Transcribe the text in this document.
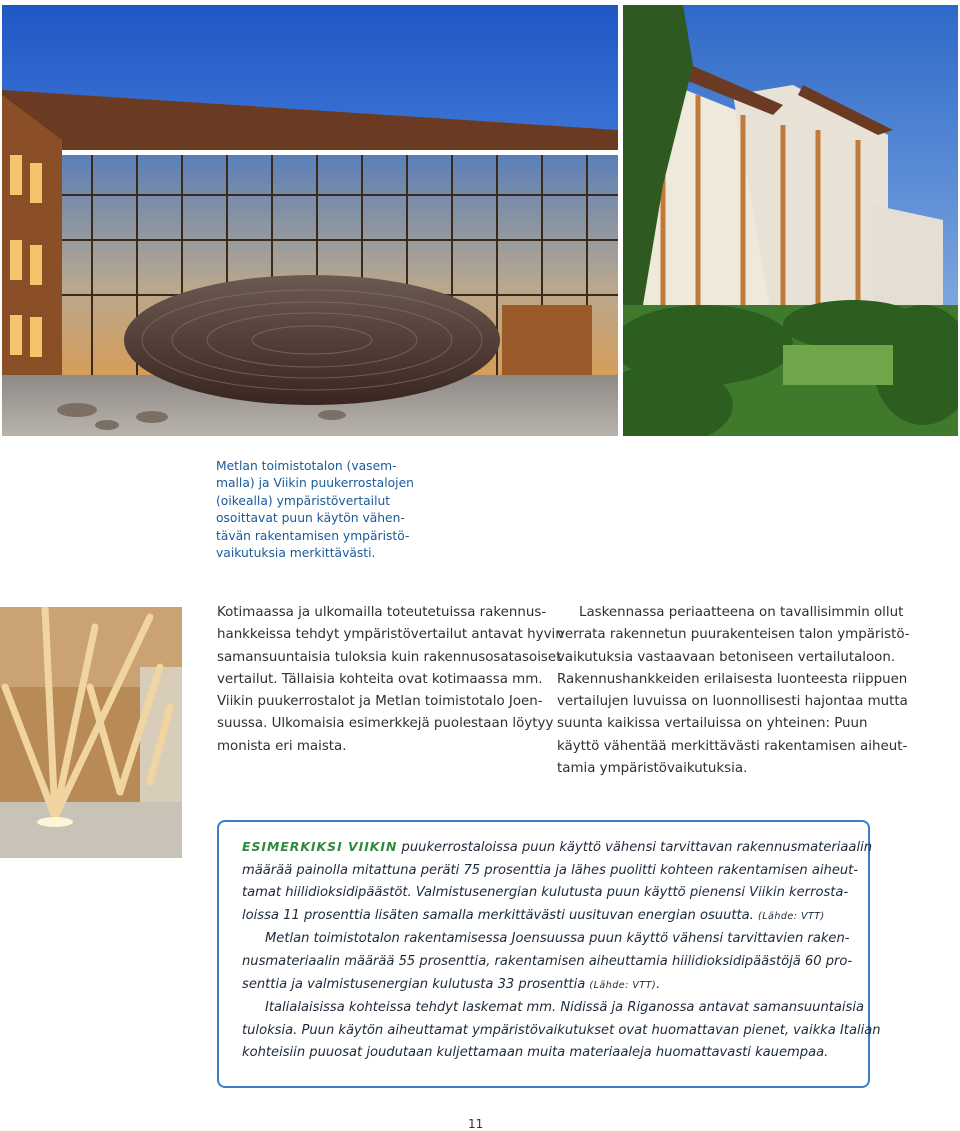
Metlan toimistotalon (vasem-
malla) ja Viikin puukerrostalojen
(oikealla) ympäristövertailut
osoittavat puun käytön vähen-
tävän rakentamisen ympäristö-
vaikutuksia merkittävästi.
Kotimaassa ja ulkomailla toteutetuissa rakennus-
hankkeissa tehdyt ympäristövertailut antavat hyvin
samansuuntaisia tuloksia kuin rakennusosatasoiset
vertailut. Tällaisia kohteita ovat kotimaassa mm.
Viikin puukerrostalot ja Metlan toimistotalo Joen-
suussa. Ulkomaisia esimerkkejä puolestaan löytyy
monista eri maista.
Laskennassa periaatteena on tavallisimmin ollut
verrata rakennetun puurakenteisen talon ympäristö-
vaikutuksia vastaavaan betoniseen vertailutaloon.
Rakennushankkeiden erilaisesta luonteesta riippuen
vertailujen luvuissa on luonnollisesti hajontaa mutta
suunta kaikissa vertailuissa on yhteinen: Puun
käyttö vähentää merkittävästi rakentamisen aiheut-
tamia ympäristövaikutuksia.
ESIMERKIKSI VIIKIN puukerrostaloissa puun käyttö vähensi tarvittavan rakennusmateriaalin
määrää painolla mitattuna peräti 75 prosenttia ja lähes puolitti kohteen rakentamisen aiheut-
tamat hiilidioksidipäästöt. Valmistusenergian kulutusta puun käyttö pienensi Viikin kerrosta-
loissa 11 prosenttia lisäten samalla merkittävästi uusituvan energian osuutta. (Lähde: VTT)
Metlan toimistotalon rakentamisessa Joensuussa puun käyttö vähensi tarvittavien raken-
nusmateriaalin määrää 55 prosenttia, rakentamisen aiheuttamia hiilidioksidipäästöjä 60 pro-
senttia ja valmistusenergian kulutusta 33 prosenttia (Lähde: VTT).
Italialaisissa kohteissa tehdyt laskemat mm. Nidissä ja Riganossa antavat samansuuntaisia
tuloksia. Puun käytön aiheuttamat ympäristövaikutukset ovat huomattavan pienet, vaikka Italian
kohteisiin puuosat joudutaan kuljettamaan muita materiaaleja huomattavasti kauempaa.
11
